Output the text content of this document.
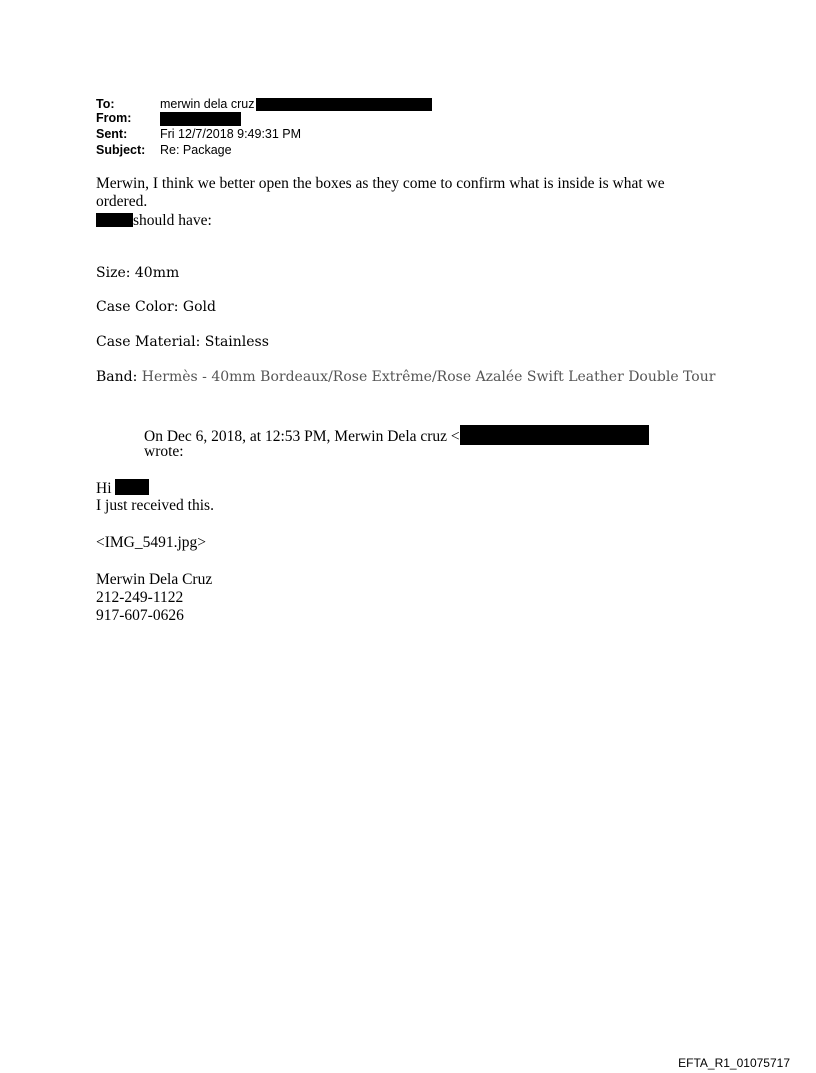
To:	merwin dela cruz
From:
Sent:	Fri 12/7/2018 9:49:31 PM
Subject: Re: Package
Merwin, I think we better open the boxes as they come to confirm what is inside is what we
ordered.
should have:
Size: 40mm
Case Color: Gold
Case Material: Stainless
Band: Hermès - 40mm Bordeaux/Rose Extrême/Rose Azalée Swift Leather Double Tour
On Dec 6, 2018, at 12:53 PM, Merwin Dela cruz <
wrote:
Hi
I just received this.
<IMG_5491.jpg>
Merwin Dela Cruz
212-249-1122
917-607-0626
EFTA_R1_01075717
